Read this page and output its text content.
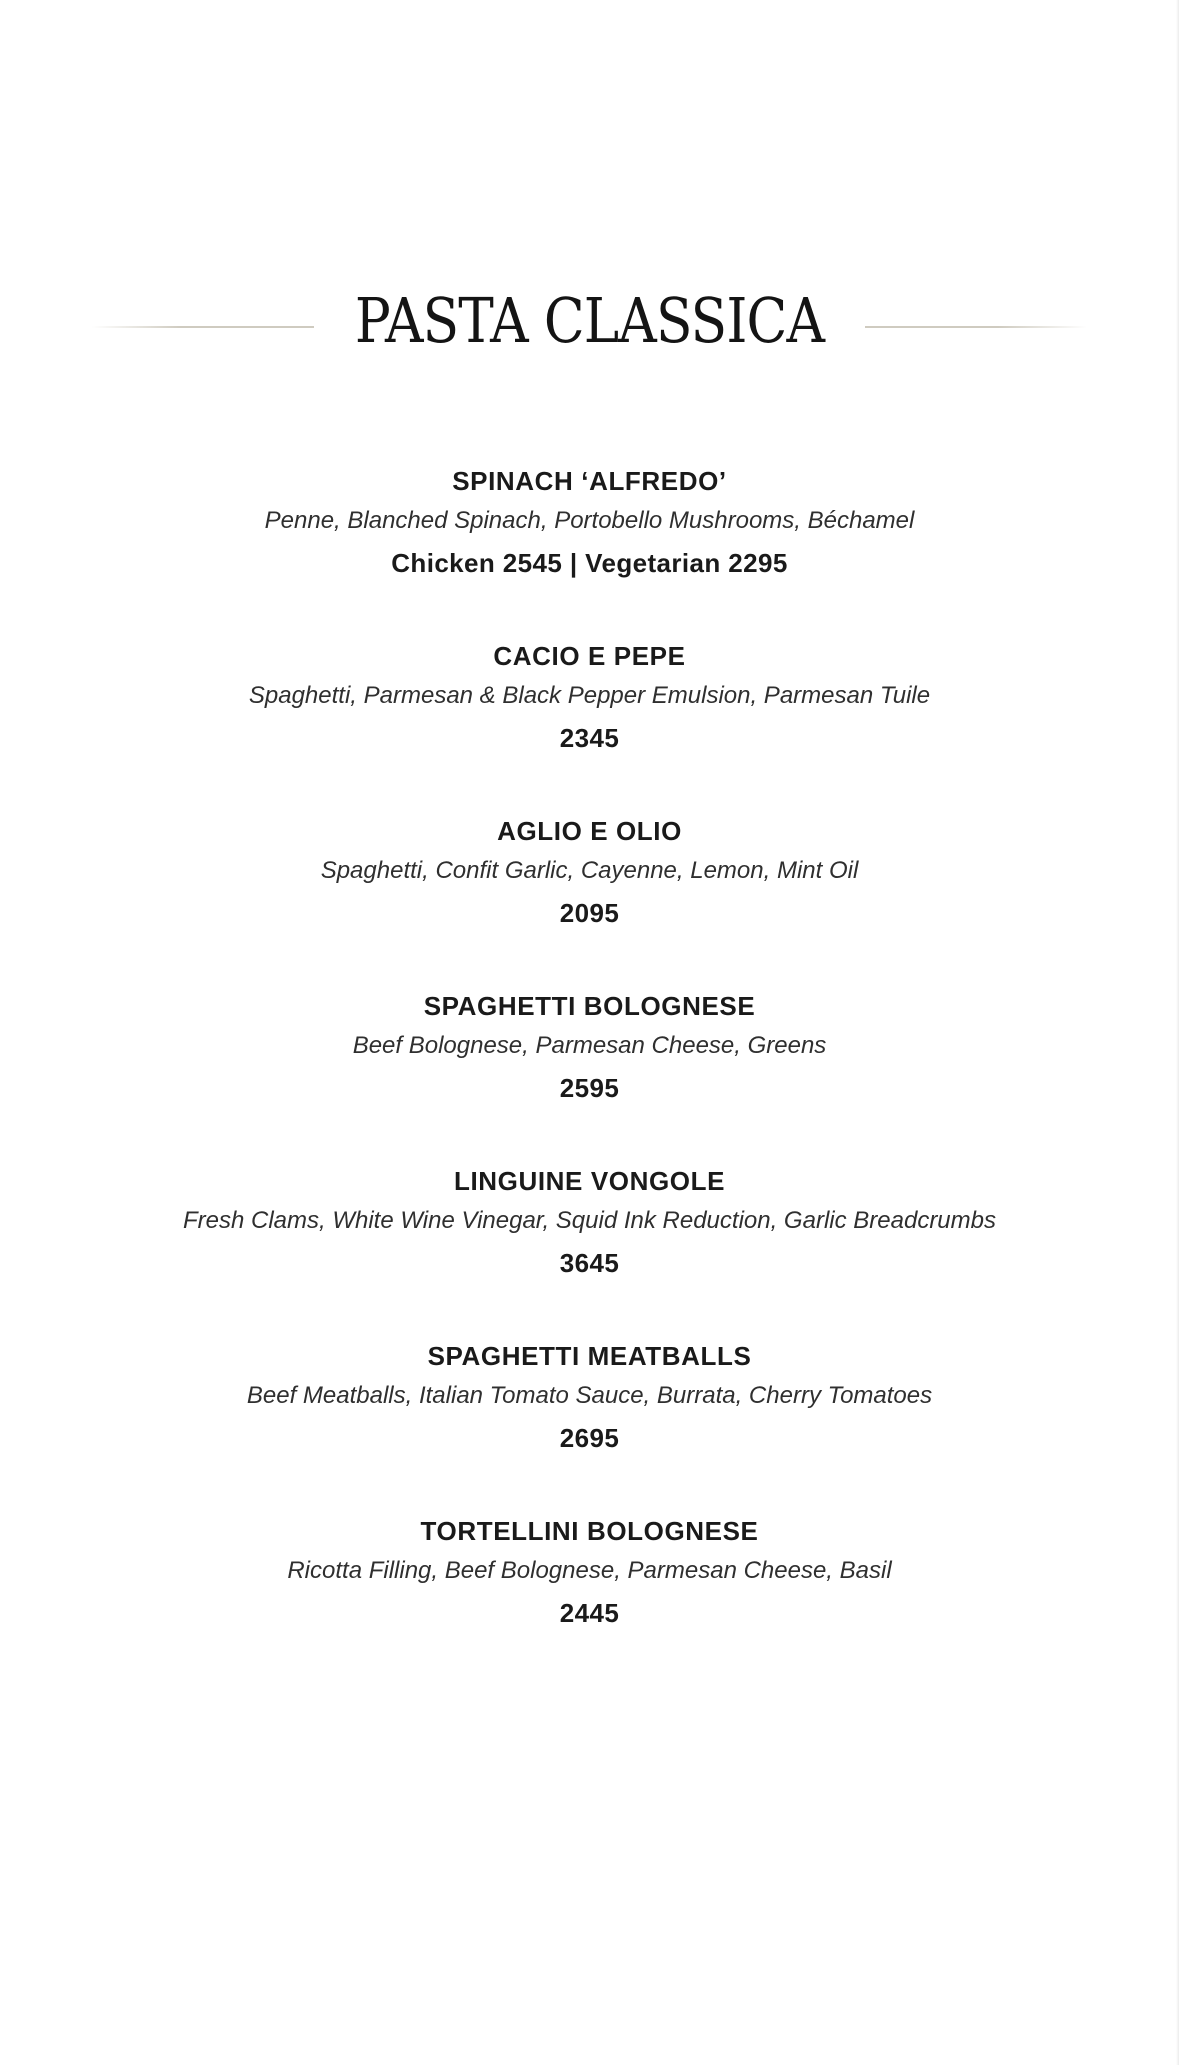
PASTA CLASSICA
SPINACH ‘ALFREDO’
Penne, Blanched Spinach, Portobello Mushrooms, Béchamel
Chicken 2545 | Vegetarian 2295
CACIO E PEPE
Spaghetti, Parmesan & Black Pepper Emulsion, Parmesan Tuile
2345
AGLIO E OLIO
Spaghetti, Confit Garlic, Cayenne, Lemon, Mint Oil
2095
SPAGHETTI BOLOGNESE
Beef Bolognese, Parmesan Cheese, Greens
2595
LINGUINE VONGOLE
Fresh Clams, White Wine Vinegar, Squid Ink Reduction, Garlic Breadcrumbs
3645
SPAGHETTI MEATBALLS
Beef Meatballs, Italian Tomato Sauce, Burrata, Cherry Tomatoes
2695
TORTELLINI BOLOGNESE
Ricotta Filling, Beef Bolognese, Parmesan Cheese, Basil
2445
